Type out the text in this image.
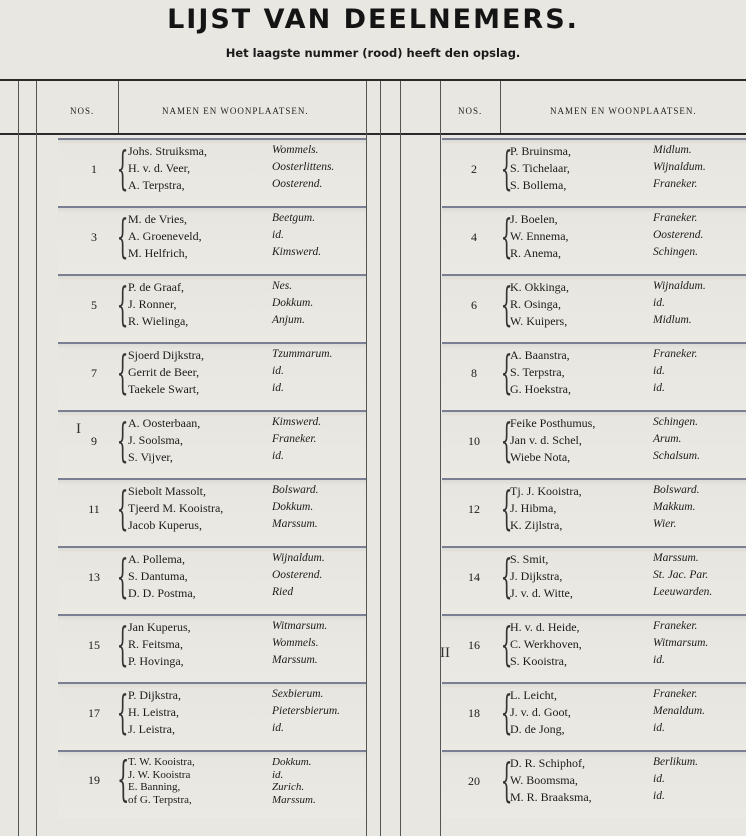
LIJST VAN DEELNEMERS.
Het laagste nummer (rood) heeft den opslag.
NOS.	NAMEN EN WOONPLAATSEN.	NOS.	NAMEN EN WOONPLAATSEN.
1 { Johs. Struiksma,	Wommels.
H. v. d. Veer,	Oosterlittens.
A. Terpstra,	Oosterend.
2 {
P. Bruinsma,	Midlum.
S. Tichelaar,	Wijnaldum.
S. Bollema,	Franeker.
3 { M. de Vries,	Beetgum.
A. Groeneveld,	id.
M. Helfrich,	Kimswerd.
4 {
J. Boelen,	Franeker.
W. Ennema,	Oosterend.
R. Anema,	Schingen.
5 { P. de Graaf,	Nes.
J. Ronner,	Dokkum.
R. Wielinga,	Anjum.
6 {
K. Okkinga,	Wijnaldum.
R. Osinga,	id.
W. Kuipers,	Midlum.
7 { Sjoerd Dijkstra,	Tzummarum.
Gerrit de Beer,	id.
Taekele Swart,	id.
8 {
A. Baanstra,	Franeker.
S. Terpstra,	id.
G. Hoekstra,	id.
9 { A. Oosterbaan,	Kimswerd.
J. Soolsma,	Franeker.
S. Vijver,	id.
10 {
Feike Posthumus,	Schingen.
Jan v. d. Schel,	Arum.
Wiebe Nota,	Schalsum.
11 { Siebolt Massolt,	Bolsward.
Tjeerd M. Kooistra,	Dokkum.
Jacob Kuperus,	Marssum.
12 {
Tj. J. Kooistra,	Bolsward.
J. Hibma,	Makkum.
K. Zijlstra,	Wier.
13 { A. Pollema,	Wijnaldum.
S. Dantuma,	Oosterend.
D. D. Postma,	Ried
14 {
S. Smit,	Marssum.
J. Dijkstra,	St. Jac. Par.
J. v. d. Witte,	Leeuwarden.
15 { Jan Kuperus,	Witmarsum.
R. Feitsma,	Wommels.
P. Hovinga,	Marssum.
16 {
H. v. d. Heide,	Franeker.
C. Werkhoven,	Witmarsum.
S. Kooistra,	id.
17 { P. Dijkstra,	Sexbierum.
H. Leistra,	Pietersbierum.
J. Leistra,	id.
18 {
L. Leicht,	Franeker.
J. v. d. Goot,	Menaldum.
D. de Jong,	id.
19 {
T. W. Kooistra,	Dokkum.
J. W. Kooistra	id.
E. Banning,	Zurich.
of G. Terpstra,	Marssum.
20 {
D. R. Schiphof,	Berlikum.
W. Boomsma,	id.
M. R. Braaksma,	id.
I
II
